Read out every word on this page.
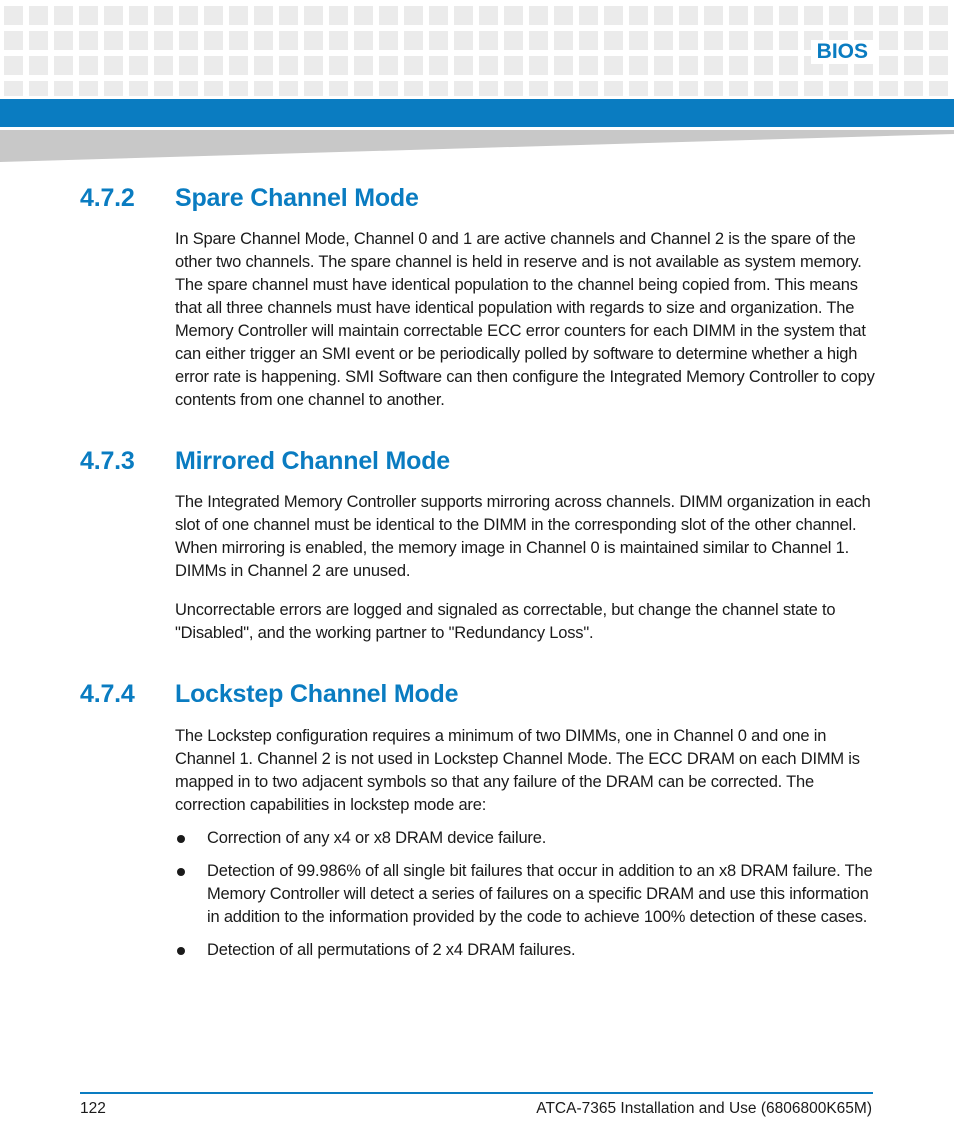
BIOS
4.7.2	Spare Channel Mode

In Spare Channel Mode, Channel 0 and 1 are active channels and Channel 2 is the spare of the other two channels. The spare channel is held in reserve and is not available as system memory. The spare channel must have identical population to the channel being copied from. This means that all three channels must have identical population with regards to size and organization. The Memory Controller will maintain correctable ECC error counters for each DIMM in the system that can either trigger an SMI event or be periodically polled by software to determine whether a high error rate is happening. SMI Software can then configure the Integrated Memory Controller to copy contents from one channel to another.

4.7.3	Mirrored Channel Mode

The Integrated Memory Controller supports mirroring across channels. DIMM organization in each slot of one channel must be identical to the DIMM in the corresponding slot of the other channel. When mirroring is enabled, the memory image in Channel 0 is maintained similar to Channel 1. DIMMs in Channel 2 are unused.

Uncorrectable errors are logged and signaled as correctable, but change the channel state to "Disabled", and the working partner to "Redundancy Loss".

4.7.4	Lockstep Channel Mode

The Lockstep configuration requires a minimum of two DIMMs, one in Channel 0 and one in Channel 1. Channel 2 is not used in Lockstep Channel Mode. The ECC DRAM on each DIMM is mapped in to two adjacent symbols so that any failure of the DRAM can be corrected. The correction capabilities in lockstep mode are:

Correction of any x4 or x8 DRAM device failure.
Detection of 99.986% of all single bit failures that occur in addition to an x8 DRAM failure. The Memory Controller will detect a series of failures on a specific DRAM and use this information in addition to the information provided by the code to achieve 100% detection of these cases.
Detection of all permutations of 2 x4 DRAM failures.
122	ATCA-7365 Installation and Use (6806800K65M)
